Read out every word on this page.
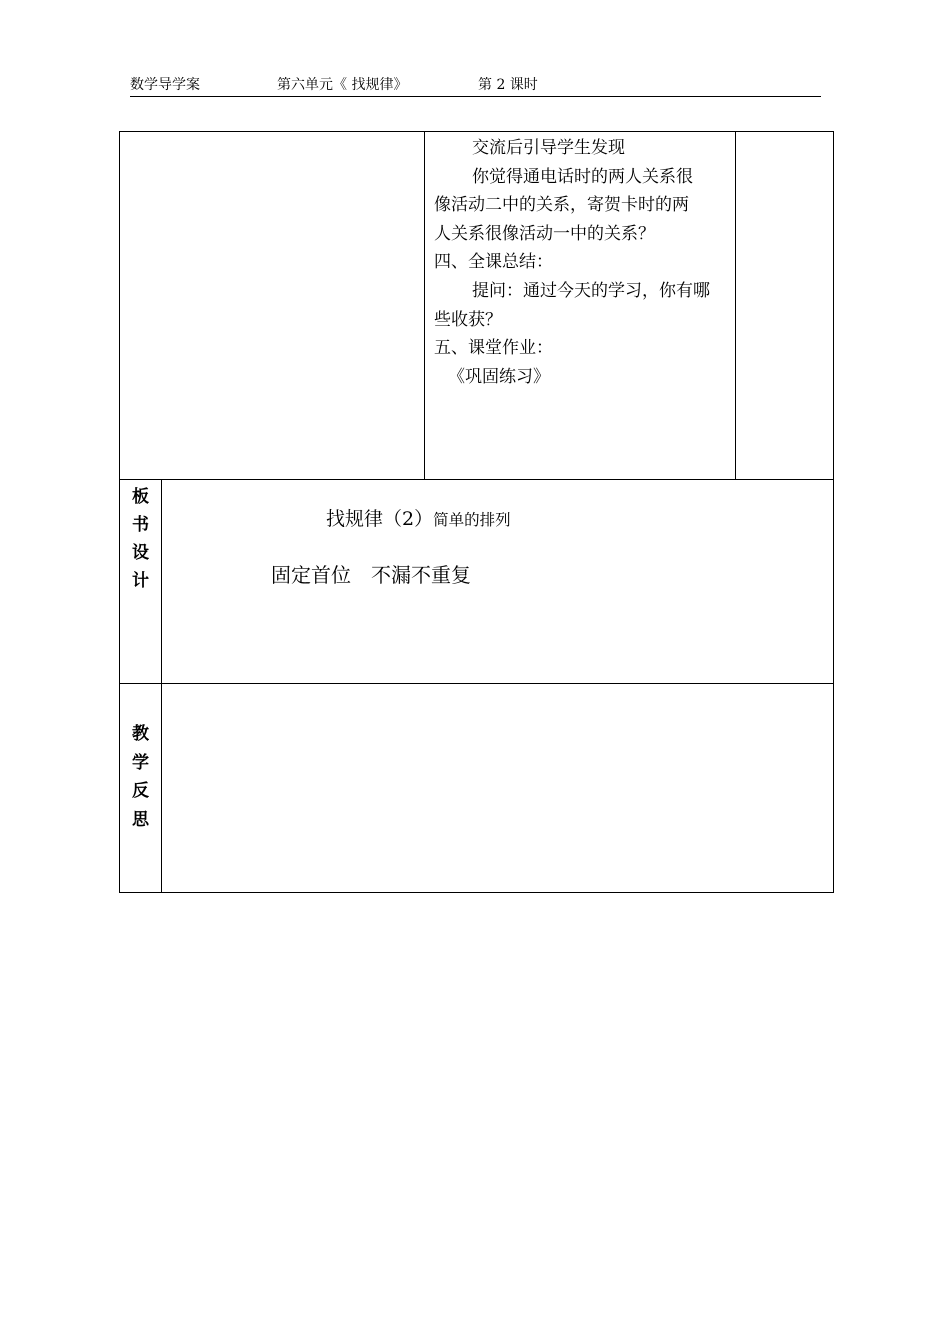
数学导学案	第六单元《 找规律》	第 2 课时
交流后引导学生发现
你觉得通电话时的两人关系很
像活动二中的关系，寄贺卡时的两
人关系很像活动一中的关系？
四、全课总结：
提问：通过今天的学习，你有哪
些收获？
五、课堂作业：
《巩固练习》
板
书
设
计
找规律（2）简单的排列
固定首位　不漏不重复
教
学
反
思
